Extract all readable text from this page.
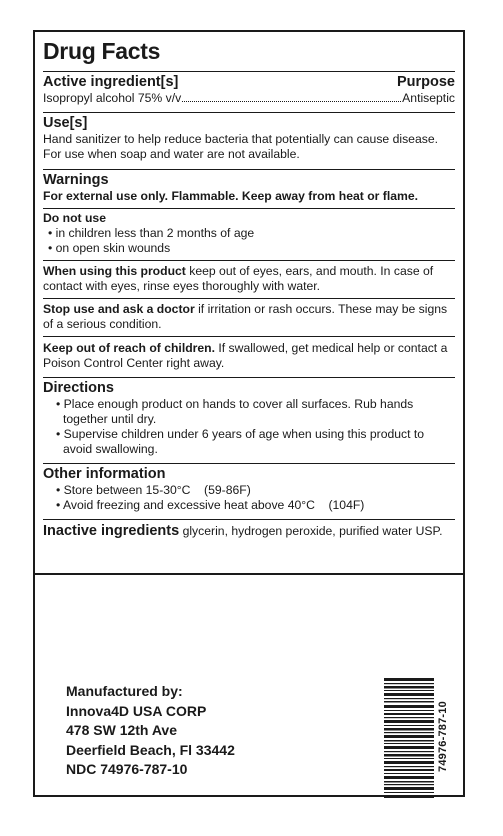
Drug Facts
Active ingredient[s]	Purpose
Isopropyl alcohol 75% v/v	Antiseptic
Use[s]
Hand sanitizer to help reduce bacteria that potentially can cause disease. For use when soap and water are not available.
Warnings
For external use only. Flammable. Keep away from heat or flame.
Do not use
• in children less than 2 months of age
• on open skin wounds
When using this product keep out of eyes, ears, and mouth. In case of contact with eyes, rinse eyes thoroughly with water.
Stop use and ask a doctor if irritation or rash occurs. These may be signs of a serious condition.
Keep out of reach of children. If swallowed, get medical help or contact a Poison Control Center right away.
Directions
• Place enough product on hands to cover all surfaces. Rub hands together until dry.
• Supervise children under 6 years of age when using this product to avoid swallowing.
Other information
• Store between 15-30°C    (59-86F)
• Avoid freezing and excessive heat above 40°C    (104F)
Inactive ingredients glycerin, hydrogen peroxide, purified water USP.
Manufactured by:
Innova4D USA CORP
478 SW 12th Ave
Deerfield Beach, Fl 33442
NDC 74976-787-10	74976-787-10
